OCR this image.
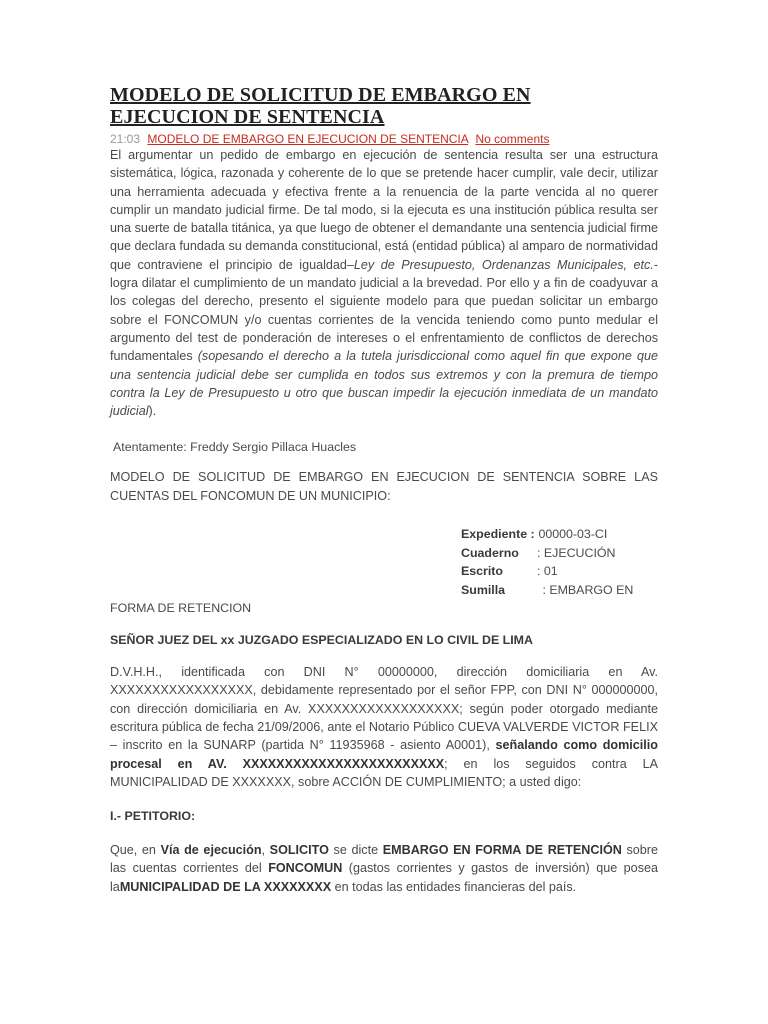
MODELO DE SOLICITUD DE EMBARGO EN
EJECUCION DE SENTENCIA
21:03 MODELO DE EMBARGO EN EJECUCION DE SENTENCIA No comments

El argumentar un pedido de embargo en ejecución de sentencia resulta ser una estructura sistemática, lógica, razonada y coherente de lo que se pretende hacer cumplir, vale decir, utilizar una herramienta adecuada y efectiva frente a la renuencia de la parte vencida al no querer cumplir un mandato judicial firme. De tal modo, si la ejecuta es una institución pública resulta ser una suerte de batalla titánica, ya que luego de obtener el demandante una sentencia judicial firme que declara fundada su demanda constitucional, está (entidad pública) al amparo de normatividad que contraviene el principio de igualdad–Ley de Presupuesto, Ordenanzas Municipales, etc.- logra dilatar el cumplimiento de un mandato judicial a la brevedad. Por ello y a fin de coadyuvar a los colegas del derecho, presento el siguiente modelo para que puedan solicitar un embargo sobre el FONCOMUN y/o cuentas corrientes de la vencida teniendo como punto medular el argumento del test de ponderación de intereses o el enfrentamiento de conflictos de derechos fundamentales (sopesando el derecho a la tutela jurisdiccional como aquel fin que expone que una sentencia judicial debe ser cumplida en todos sus extremos y con la premura de tiempo contra la Ley de Presupuesto u otro que buscan impedir la ejecución inmediata de un mandato judicial).

Atentamente: Freddy Sergio Pillaca Huacles

MODELO DE SOLICITUD DE EMBARGO EN EJECUCION DE SENTENCIA SOBRE LAS CUENTAS DEL FONCOMUN DE UN MUNICIPIO:

Expediente : 00000-03-CI
Cuaderno : EJECUCIÓN
Escrito	: 01
Sumilla	: EMBARGO EN

FORMA DE RETENCION

SEÑOR JUEZ DEL xx JUZGADO ESPECIALIZADO EN LO CIVIL DE LIMA

D.V.H.H., identificada con DNI N° 00000000, dirección domiciliaria en Av. XXXXXXXXXXXXXXXXX, debidamente representado por el señor FPP, con DNI N° 000000000, con dirección domiciliaria en Av. XXXXXXXXXXXXXXXXXX; según poder otorgado mediante escritura pública de fecha 21/09/2006, ante el Notario Público CUEVA VALVERDE VICTOR FELIX – inscrito en la SUNARP (partida N° 11935968 - asiento A0001), señalando como domicilio procesal en AV. XXXXXXXXXXXXXXXXXXXXXXXX; en los seguidos contra LA MUNICIPALIDAD DE XXXXXXX, sobre ACCIÓN DE CUMPLIMIENTO; a usted digo:

I.- PETITORIO:

Que, en Vía de ejecución, SOLICITO se dicte EMBARGO EN FORMA DE RETENCIÓN sobre las cuentas corrientes del FONCOMUN (gastos corrientes y gastos de inversión) que posea laMUNICIPALIDAD DE LA XXXXXXXX en todas las entidades financieras del país.
